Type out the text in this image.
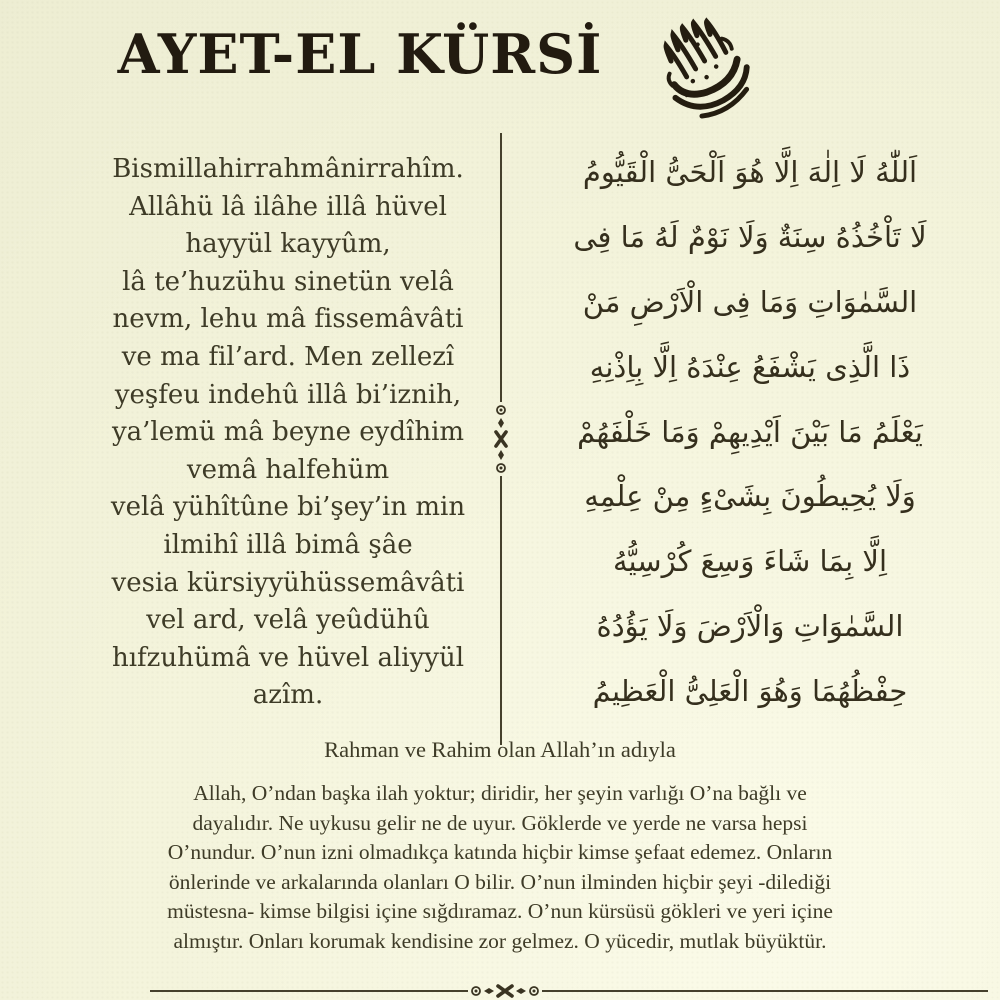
AYET-EL KÜRSİ
Bismillahirrahmânirrahîm.
Allâhü lâ ilâhe illâ hüvel
hayyül kayyûm,
lâ te’huzühu sinetün velâ
nevm, lehu mâ fissemâvâti
ve ma fil’ard. Men zellezî
yeşfeu indehû illâ bi’iznih,
ya’lemü mâ beyne eydîhim
vemâ halfehüm
velâ yühîtûne bi’şey’in min
ilmihî illâ bimâ şâe
vesia kürsiyyühüssemâvâti
vel ard, velâ yeûdühû
hıfzuhümâ ve hüvel aliyyül
azîm.
اَللّٰهُ لَا اِلٰهَ اِلَّا هُوَ اَلْحَىُّ الْقَيُّومُ
لَا تَاْخُذُهُ سِنَةٌ وَلَا نَوْمٌ لَهُ مَا فِى
السَّمٰوَاتِ وَمَا فِى الْاَرْضِ مَنْ
ذَا الَّذِى يَشْفَعُ عِنْدَهُ اِلَّا بِاِذْنِهِ
يَعْلَمُ مَا بَيْنَ اَيْدِيهِمْ وَمَا خَلْفَهُمْ
وَلَا يُحِيطُونَ بِشَىْءٍ مِنْ عِلْمِهِ
اِلَّا بِمَا شَاءَ وَسِعَ كُرْسِيُّهُ
السَّمٰوَاتِ وَالْاَرْضَ وَلَا يَؤُدُهُ
حِفْظُهُمَا وَهُوَ الْعَلِىُّ الْعَظِيمُ
Rahman ve Rahim olan Allah’ın adıyla

Allah, O’ndan başka ilah yoktur; diridir, her şeyin varlığı O’na bağlı ve dayalıdır. Ne uykusu gelir ne de uyur. Göklerde ve yerde ne varsa hepsi O’nundur. O’nun izni olmadıkça katında hiçbir kimse şefaat edemez. Onların önlerinde ve arkalarında olanları O bilir. O’nun ilminden hiçbir şeyi -dilediği müstesna- kimse bilgisi içine sığdıramaz. O’nun kürsüsü gökleri ve yeri içine almıştır. Onları korumak kendisine zor gelmez. O yücedir, mutlak büyüktür.
